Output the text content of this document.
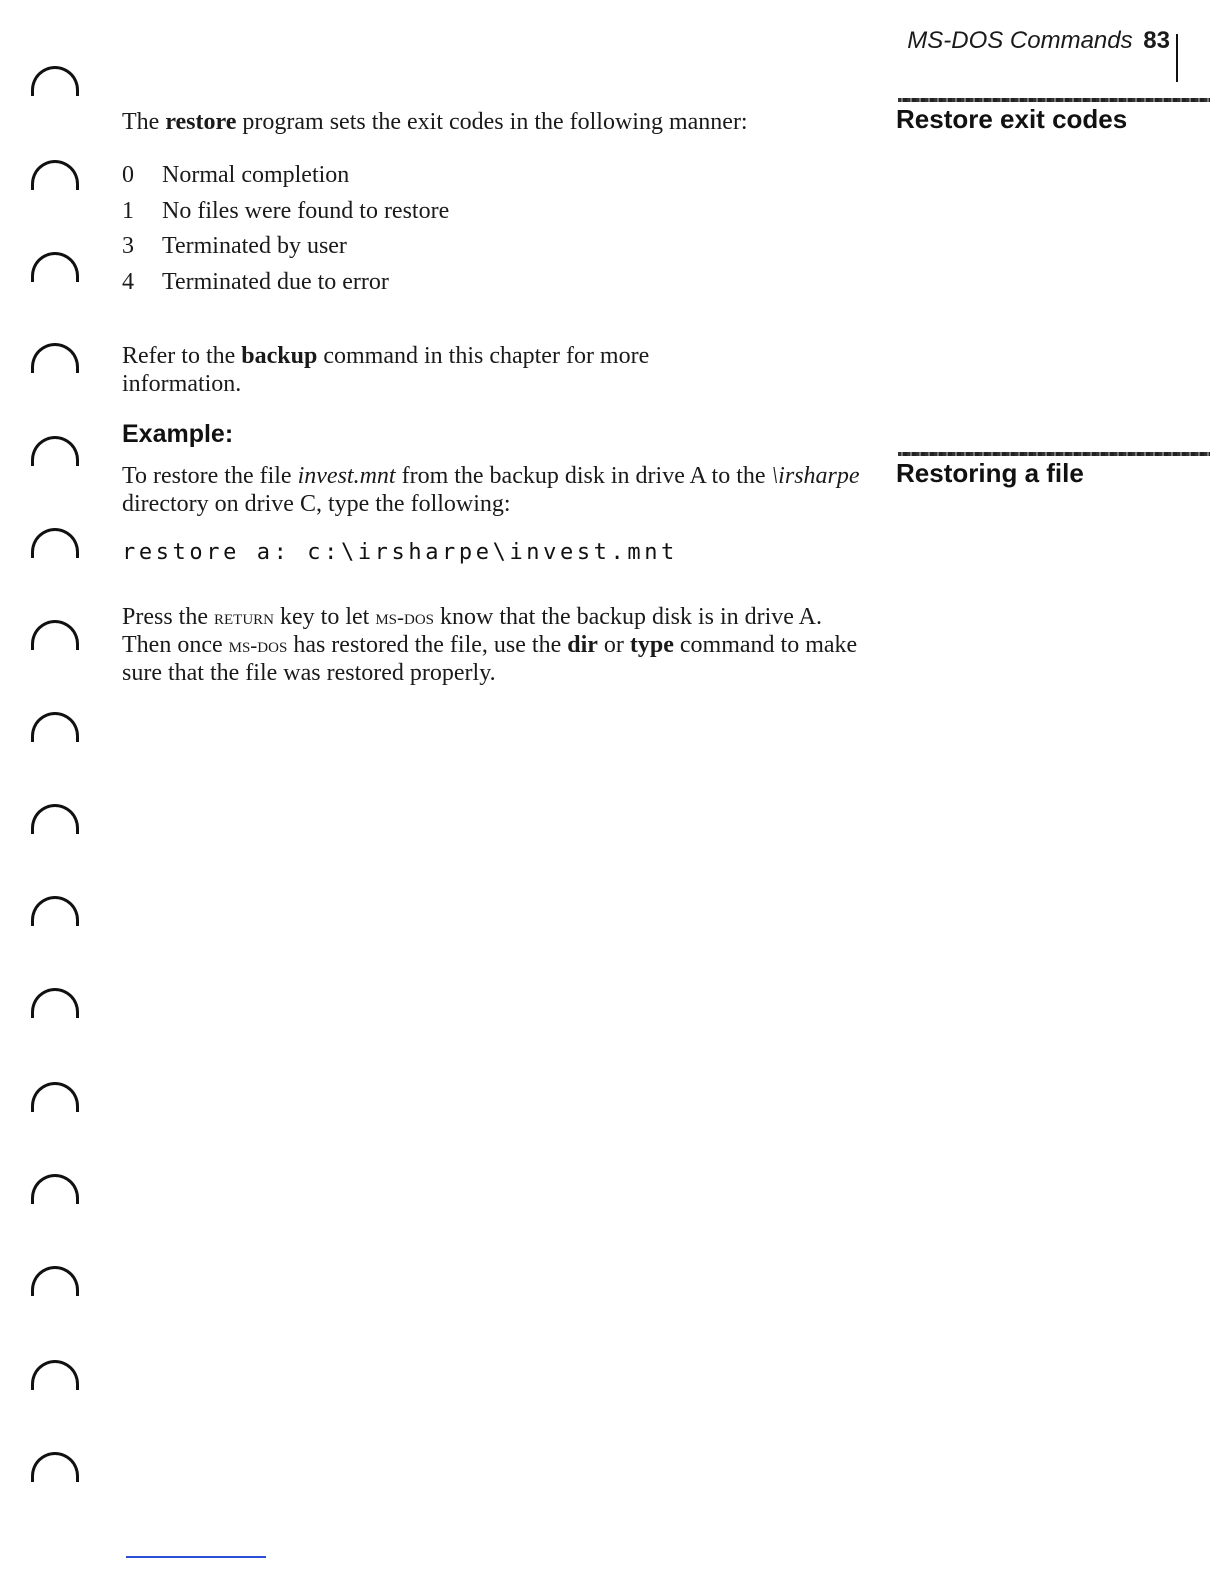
MS-DOS Commands 83
Restore exit codes
Restoring a file
The restore program sets the exit codes in the following manner:
0 Normal completion
1 No files were found to restore
3 Terminated by user
4 Terminated due to error
Refer to the backup command in this chapter for more information.
Example:
To restore the file invest.mnt from the backup disk in drive A to the \irsharpe directory on drive C, type the following:
restore a: c:\irsharpe\invest.mnt
Press the return key to let ms-dos know that the backup disk is in drive A. Then once ms-dos has restored the file, use the dir or type command to make sure that the file was restored properly.
